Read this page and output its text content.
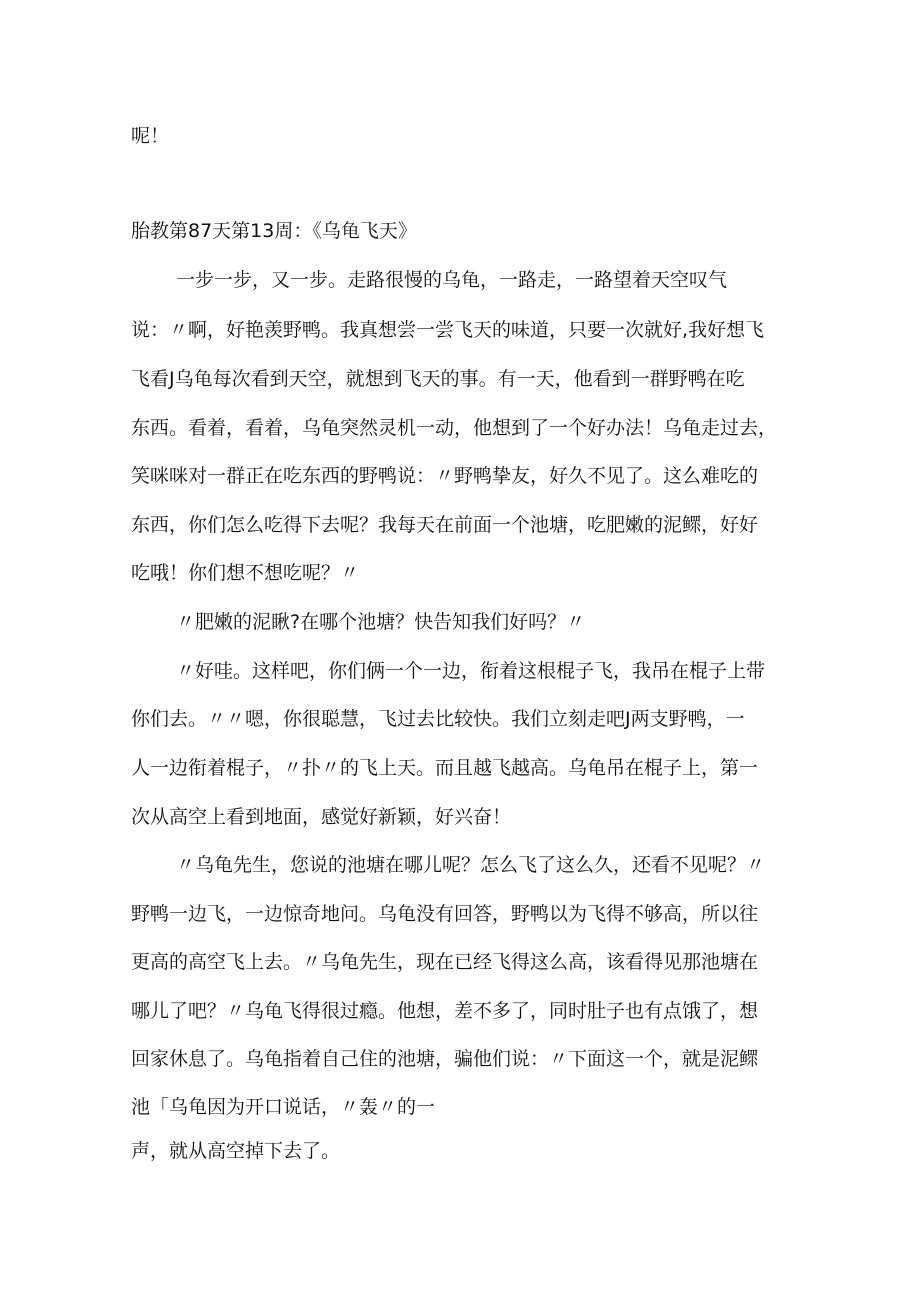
呢！
胎教第87天第13周：《乌龟飞天》
一步一步，又一步。走路很慢的乌龟，一路走，一路望着天空叹气
说：〃啊，好艳羡野鸭。我真想尝一尝飞天的味道，只要一次就好,我好想飞
飞看J乌龟每次看到天空，就想到飞天的事。有一天，他看到一群野鸭在吃
东西。看着，看着，乌龟突然灵机一动，他想到了一个好办法！乌龟走过去，
笑咪咪对一群正在吃东西的野鸭说：〃野鸭挚友，好久不见了。这么难吃的
东西，你们怎么吃得下去呢？我每天在前面一个池塘，吃肥嫩的泥鳏，好好
吃哦！你们想不想吃呢？〃
〃肥嫩的泥瞅?在哪个池塘？快告知我们好吗？〃
〃好哇。这样吧，你们俩一个一边，衔着这根棍子飞，我吊在棍子上带
你们去。〃〃嗯，你很聪慧，飞过去比较快。我们立刻走吧J两支野鸭，一
人一边衔着棍子，〃扑〃的飞上天。而且越飞越高。乌龟吊在棍子上，第一
次从高空上看到地面，感觉好新颖，好兴奋！
〃乌龟先生，您说的池塘在哪儿呢？怎么飞了这么久，还看不见呢？〃
野鸭一边飞，一边惊奇地问。乌龟没有回答，野鸭以为飞得不够高，所以往
更高的高空飞上去。〃乌龟先生，现在已经飞得这么高，该看得见那池塘在
哪儿了吧？〃乌龟飞得很过瘾。他想，差不多了，同时肚子也有点饿了，想
回家休息了。乌龟指着自己住的池塘，骗他们说：〃下面这一个，就是泥鳏
池「乌龟因为开口说话，〃轰〃的一
声，就从高空掉下去了。
